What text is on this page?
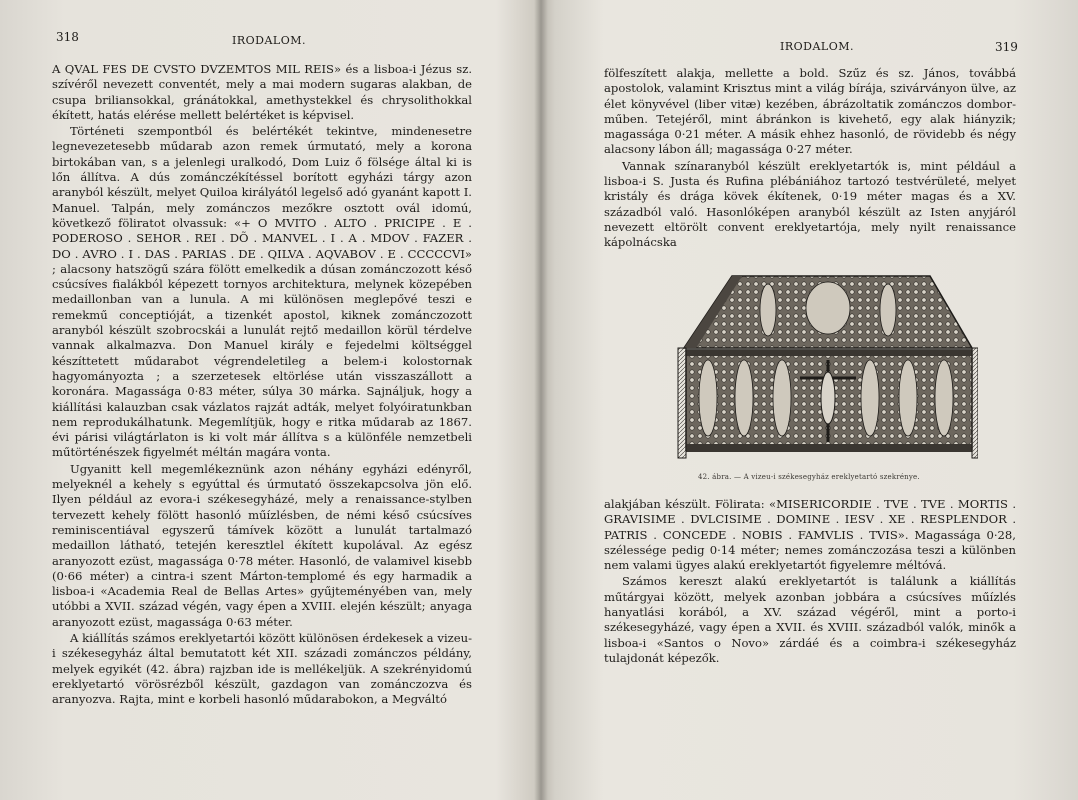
318	IRODALOM.

A QVAL FES DE CVSTO DVZEMTOS MIL REIS» és a lisboa-i Jézus sz. szívéről nevezett conventét, mely a mai modern sugaras alakban, de csupa briliansokkal, gránátokkal, amethystekkel és chrysolithokkal ékített, hatás elérése mellett belértéket is képvisel.

Történeti szempontból és belértékét tekintve, mindenesetre legnevezetesebb műdarab azon remek úrmutató, mely a korona birtokában van, s a jelenlegi uralkodó, Dom Luiz ő fölsége által ki is lőn állítva. A dús zománczékítéssel borított egyházi tárgy azon aranyból készült, melyet Quiloa királyától legelső adó gyanánt kapott I. Manuel. Talpán, mely zománczos mezőkre osztott ovál idomú, következő föliratot olvassuk: «+ O MVITO . ALTO . PRICIPE . E . PODEROSO . SEHOR . REI . DÕ . MANVEL . I . A . MDOV . FAZER . DO . AVRO . I . DAS . PARIAS . DE . QILVA . AQVABOV . E . CCCCCVI» ; alacsony hatszögű szára fölött emelkedik a dúsan zománczozott késő csúcsíves fialákból képezett tornyos architektura, melynek közepében medaillonban van a lunula. A mi különösen meglepővé teszi e remekmű conceptióját, a tizenkét apostol, kiknek zománczozott aranyból készült szobrocskái a lunulát rejtő medaillon körül térdelve vannak alkalmazva. Don Manuel király e fejedelmi költséggel készíttetett műdarabot végrendeletileg a belem-i kolostornak hagyományozta ; a szerzetesek eltörlése után visszaszállott a koronára. Magassága 0·83 méter, súlya 30 márka. Sajnáljuk, hogy a kiállítási kalauzban csak vázlatos rajzát adták, melyet folyóiratunkban nem reprodukálhatunk. Megemlítjük, hogy e ritka műdarab az 1867. évi párisi világtárlaton is ki volt már állítva s a különféle nemzetbeli műtörténészek figyelmét méltán magára vonta.

Ugyanitt kell megemlékeznünk azon néhány egyházi edényről, melyeknél a kehely s egyúttal és úrmutató összekapcsolva jön elő. Ilyen például az evora-i székesegyházé, mely a renaissance-stylben tervezett kehely fölött hasonló műízlésben, de némi késő csúcsíves reminiscentiával egyszerű támívek között a lunulát tartalmazó medaillon látható, tetején keresztlel ékített kupolával. Az egész aranyozott ezüst, magassága 0·78 méter. Hasonló, de valamivel kisebb (0·66 méter) a cintra-i szent Márton-templomé és egy harmadik a lisboa-i «Academia Real de Bellas Artes» gyűjteményében van, mely utóbbi a XVII. század végén, vagy épen a XVIII. elején készült; anyaga aranyozott ezüst, magassága 0·63 méter.

A kiállítás számos ereklyetartói között különösen érdekesek a vizeu-i székesegyház által bemutatott két XII. századi zománczos példány, melyek egyikét (42. ábra) rajzban ide is mellékeljük. A szekrényidomú ereklyetartó vörösrézből készült, gazdagon van zománczozva és aranyozva. Rajta, mint e korbeli hasonló műdarabokon, a Megváltó

IRODALOM.	319

fölfeszített alakja, mellette a bold. Szűz és sz. János, továbbá apostolok, valamint Krisztus mint a világ bírája, szivárványon ülve, az élet könyvével (liber vitæ) kezében, ábrázoltatik zománczos dombor-műben. Tetejéről, mint ábránkon is kivehető, egy alak hiányzik; magassága 0·21 méter. A másik ehhez hasonló, de rövidebb és négy alacsony lábon áll; magassága 0·27 méter.

Vannak színaranyból készült ereklyetartók is, mint például a lisboa-i S. Justa és Rufina plébániához tartozó testvérületé, melyet kristály és drága kövek ékítenek, 0·19 méter magas és a XV. századból való. Hasonlóképen aranyból készült az Isten anyjáról nevezett eltörölt convent ereklyetartója, mely nyilt renaissance kápolnácska

42. ábra. — A vizeu-i székesegyház ereklyetartó szekrénye.

alakjában készült. Fölirata: «MISERICORDIE . TVE . TVE . MORTIS . GRAVISIME . DVLCISIME . DOMINE . IESV . XE . RESPLENDOR . PATRIS . CONCEDE . NOBIS . FAMVLIS . TVIS». Magassága 0·28, szélessége pedig 0·14 méter; nemes zománczozása teszi a különben nem valami ügyes alakú ereklyetartót figyelemre méltóvá.

Számos kereszt alakú ereklyetartót is találunk a kiállítás műtárgyai között, melyek azonban jobbára a csúcsíves műízlés hanyatlási korából, a XV. század végéről, mint a porto-i székesegyházé, vagy épen a XVII. és XVIII. századból valók, minők a lisboa-i «Santos o Novo» zárdáé és a coimbra-i székesegyház tulajdonát képezők.
